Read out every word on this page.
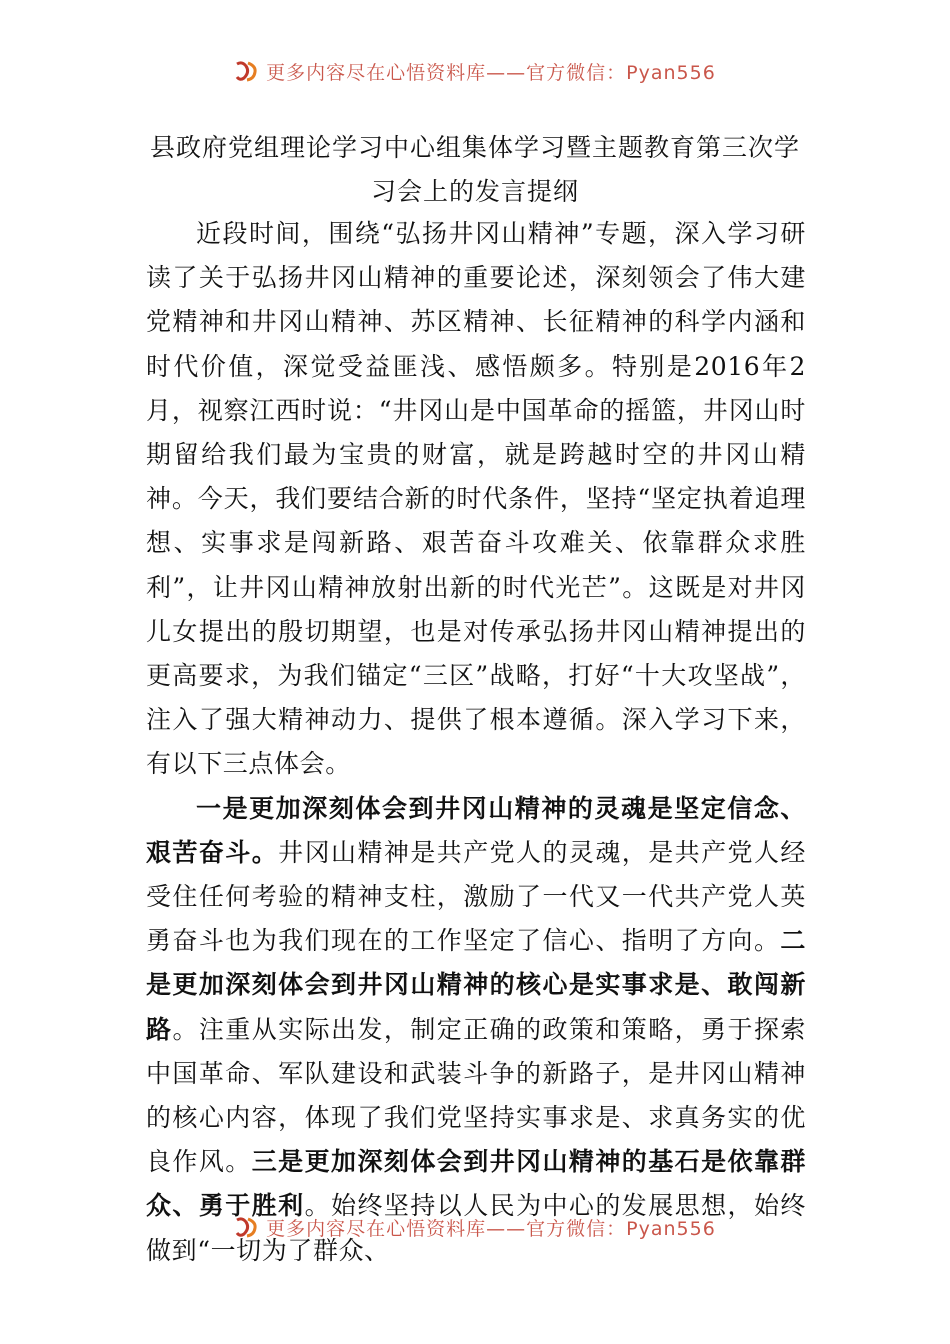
更多内容尽在心悟资料库——官方微信：Pyan556
县政府党组理论学习中心组集体学习暨主题教育第三次学习会上的发言提纲

近段时间，围绕“弘扬井冈山精神”专题，深入学习研读了关于弘扬井冈山精神的重要论述，深刻领会了伟大建党精神和井冈山精神、苏区精神、长征精神的科学内涵和时代价值，深觉受益匪浅、感悟颇多。特别是2016年2月，视察江西时说：“井冈山是中国革命的摇篮，井冈山时期留给我们最为宝贵的财富，就是跨越时空的井冈山精神。今天，我们要结合新的时代条件，坚持“坚定执着追理想、实事求是闯新路、艰苦奋斗攻难关、依靠群众求胜利”，让井冈山精神放射出新的时代光芒”。这既是对井冈儿女提出的殷切期望，也是对传承弘扬井冈山精神提出的更高要求，为我们锚定“三区”战略，打好“十大攻坚战”，注入了强大精神动力、提供了根本遵循。深入学习下来，有以下三点体会。

一是更加深刻体会到井冈山精神的灵魂是坚定信念、艰苦奋斗。井冈山精神是共产党人的灵魂，是共产党人经受住任何考验的精神支柱，激励了一代又一代共产党人英勇奋斗也为我们现在的工作坚定了信心、指明了方向。二是更加深刻体会到井冈山精神的核心是实事求是、敢闯新路。注重从实际出发，制定正确的政策和策略，勇于探索中国革命、军队建设和武装斗争的新路子，是井冈山精神的核心内容，体现了我们党坚持实事求是、求真务实的优良作风。三是更加深刻体会到井冈山精神的基石是依靠群众、勇于胜利。始终坚持以人民为中心的发展思想，始终做到“一切为了群众、

更多内容尽在心悟资料库——官方微信：Pyan556
